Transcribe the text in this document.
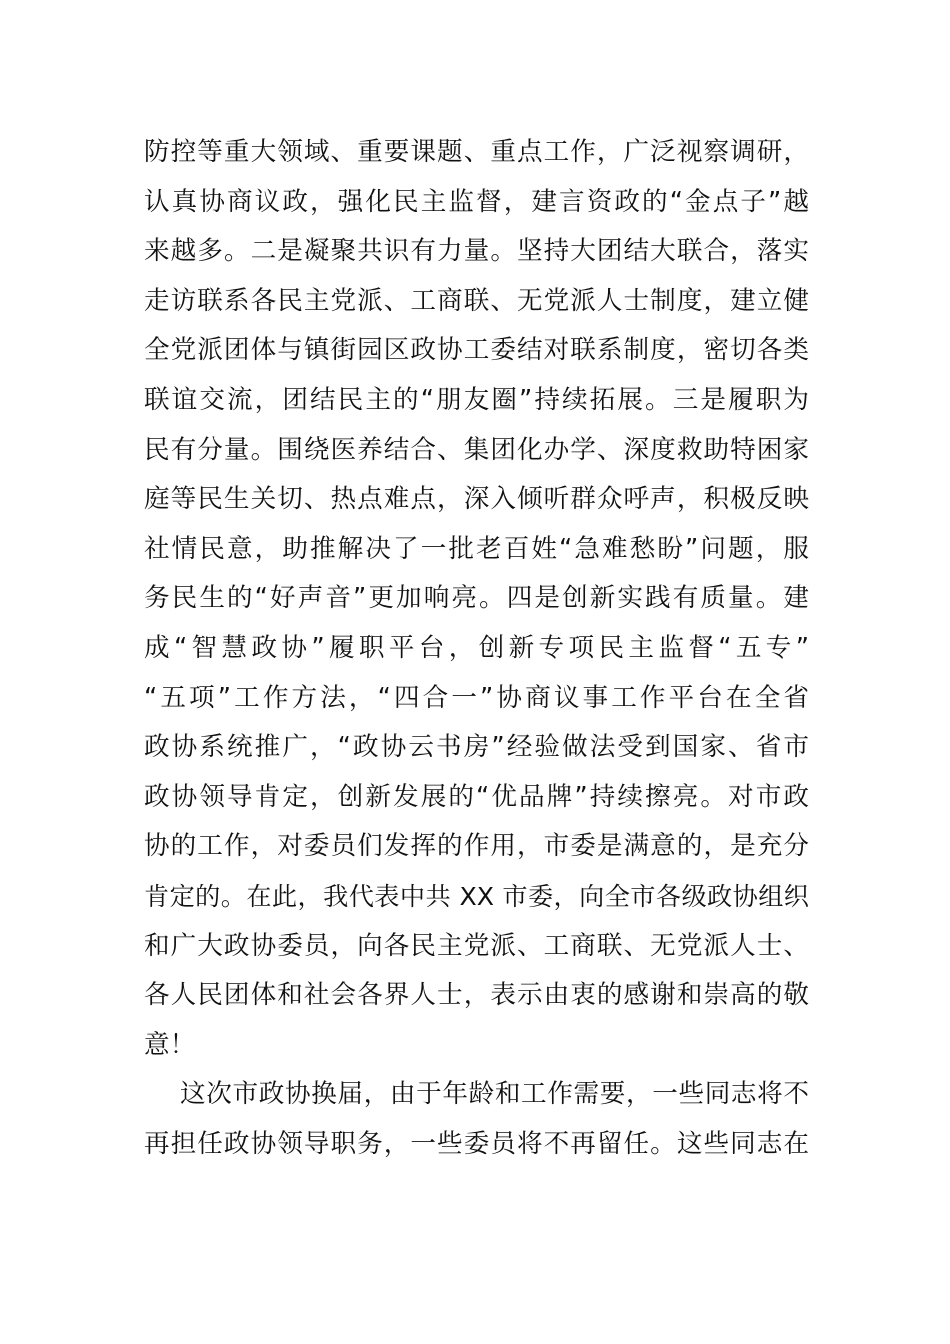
防控等重大领域、重要课题、重点工作，广泛视察调研，
认真协商议政，强化民主监督，建言资政的“金点子”越
来越多。二是凝聚共识有力量。坚持大团结大联合，落实
走访联系各民主党派、工商联、无党派人士制度，建立健
全党派团体与镇街园区政协工委结对联系制度，密切各类
联谊交流，团结民主的“朋友圈”持续拓展。三是履职为
民有分量。围绕医养结合、集团化办学、深度救助特困家
庭等民生关切、热点难点，深入倾听群众呼声，积极反映
社情民意，助推解决了一批老百姓“急难愁盼”问题，服
务民生的“好声音”更加响亮。四是创新实践有质量。建
成“智慧政协”履职平台，创新专项民主监督“五专”
“五项”工作方法，“四合一”协商议事工作平台在全省
政协系统推广，“政协云书房”经验做法受到国家、省市
政协领导肯定，创新发展的“优品牌”持续擦亮。对市政
协的工作，对委员们发挥的作用，市委是满意的，是充分
肯定的。在此，我代表中共 XX 市委，向全市各级政协组织
和广大政协委员，向各民主党派、工商联、无党派人士、
各人民团体和社会各界人士，表示由衷的感谢和崇高的敬
意！
这次市政协换届，由于年龄和工作需要，一些同志将不
再担任政协领导职务，一些委员将不再留任。这些同志在
